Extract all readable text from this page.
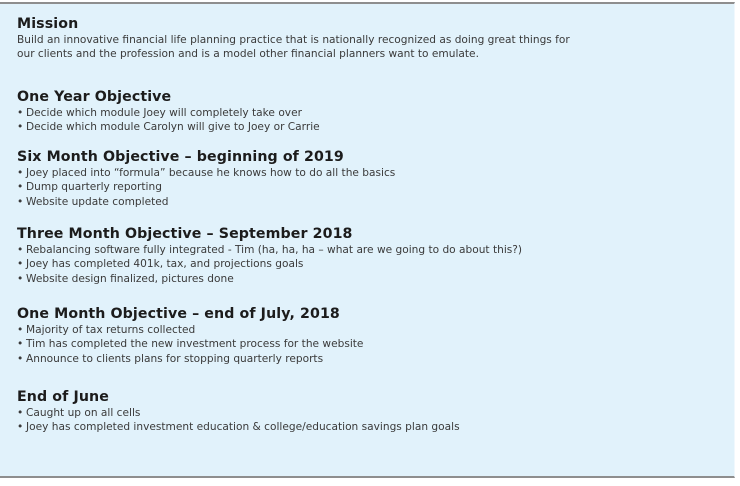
Mission

Build an innovative financial life planning practice that is nationally recognized as doing great things for

our clients and the profession and is a model other financial planners want to emulate.

One Year Objective
• Decide which module Joey will completely take over
• Decide which module Carolyn will give to Joey or Carrie
Six Month Objective – beginning of 2019
• Joey placed into “formula” because he knows how to do all the basics
• Dump quarterly reporting
• Website update completed
Three Month Objective – September 2018
• Rebalancing software fully integrated - Tim (ha, ha, ha – what are we going to do about this?)
• Joey has completed 401k, tax, and projections goals
• Website design finalized, pictures done
One Month Objective – end of July, 2018
• Majority of tax returns collected
• Tim has completed the new investment process for the website
• Announce to clients plans for stopping quarterly reports
End of June
• Caught up on all cells
• Joey has completed investment education & college/education savings plan goals
